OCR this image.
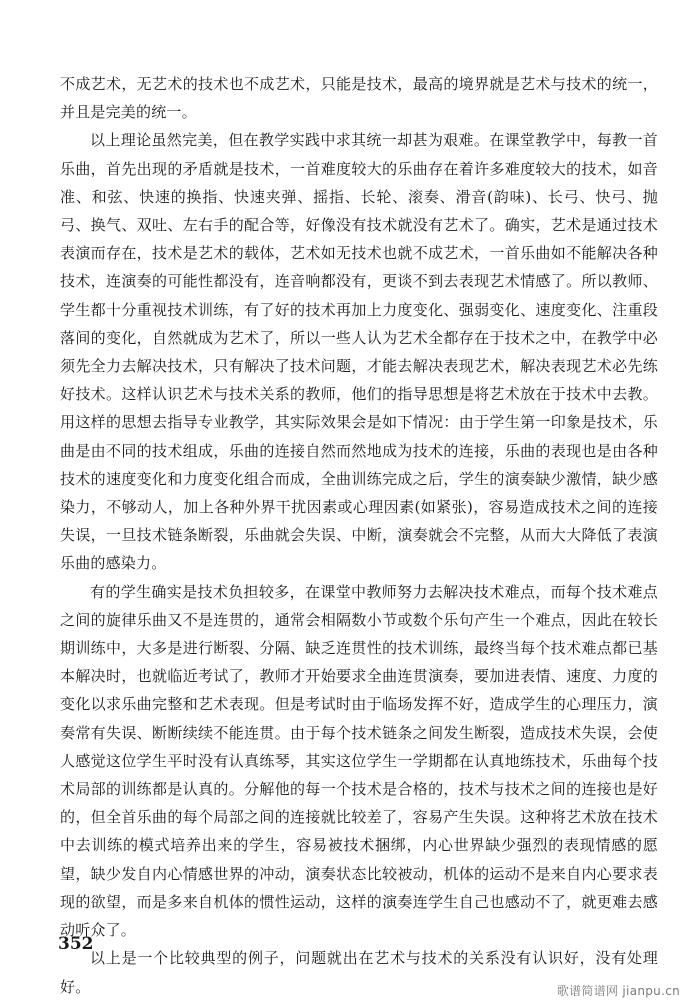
不成艺术，无艺术的技术也不成艺术，只能是技术，最高的境界就是艺术与技术的统一，并且是完美的统一。

以上理论虽然完美，但在教学实践中求其统一却甚为艰难。在课堂教学中，每教一首乐曲，首先出现的矛盾就是技术，一首难度较大的乐曲存在着许多难度较大的技术，如音准、和弦、快速的换指、快速夹弹、摇指、长轮、滚奏、滑音(韵味)、长弓、快弓、抛弓、换气、双吐、左右手的配合等，好像没有技术就没有艺术了。确实，艺术是通过技术表演而存在，技术是艺术的载体，艺术如无技术也就不成艺术，一首乐曲如不能解决各种技术，连演奏的可能性都没有，连音响都没有，更谈不到去表现艺术情感了。所以教师、学生都十分重视技术训练，有了好的技术再加上力度变化、强弱变化、速度变化、注重段落间的变化，自然就成为艺术了，所以一些人认为艺术全都存在于技术之中，在教学中必须先全力去解决技术，只有解决了技术问题，才能去解决表现艺术，解决表现艺术必先练好技术。这样认识艺术与技术关系的教师，他们的指导思想是将艺术放在于技术中去教。用这样的思想去指导专业教学，其实际效果会是如下情况：由于学生第一印象是技术，乐曲是由不同的技术组成，乐曲的连接自然而然地成为技术的连接，乐曲的表现也是由各种技术的速度变化和力度变化组合而成，全曲训练完成之后，学生的演奏缺少激情，缺少感染力，不够动人，加上各种外界干扰因素或心理因素(如紧张)，容易造成技术之间的连接失误，一旦技术链条断裂，乐曲就会失误、中断，演奏就会不完整，从而大大降低了表演乐曲的感染力。

有的学生确实是技术负担较多，在课堂中教师努力去解决技术难点，而每个技术难点之间的旋律乐曲又不是连贯的，通常会相隔数小节或数个乐句产生一个难点，因此在较长期训练中，大多是进行断裂、分隔、缺乏连贯性的技术训练，最终当每个技术难点都已基本解决时，也就临近考试了，教师才开始要求全曲连贯演奏，要加进表情、速度、力度的变化以求乐曲完整和艺术表现。但是考试时由于临场发挥不好，造成学生的心理压力，演奏常有失误、断断续续不能连贯。由于每个技术链条之间发生断裂，造成技术失误，会使人感觉这位学生平时没有认真练琴，其实这位学生一学期都在认真地练技术，乐曲每个技术局部的训练都是认真的。分解他的每一个技术是合格的，技术与技术之间的连接也是好的，但全首乐曲的每个局部之间的连接就比较差了，容易产生失误。这种将艺术放在技术中去训练的模式培养出来的学生，容易被技术捆绑，内心世界缺少强烈的表现情感的愿望，缺少发自内心情感世界的冲动，演奏状态比较被动，机体的运动不是来自内心要求表现的欲望，而是多来自机体的惯性运动，这样的演奏连学生自己也感动不了，就更难去感动听众了。

以上是一个比较典型的例子，问题就出在艺术与技术的关系没有认识好，没有处理好。

352
歌谱简谱网 jianpu.cn
